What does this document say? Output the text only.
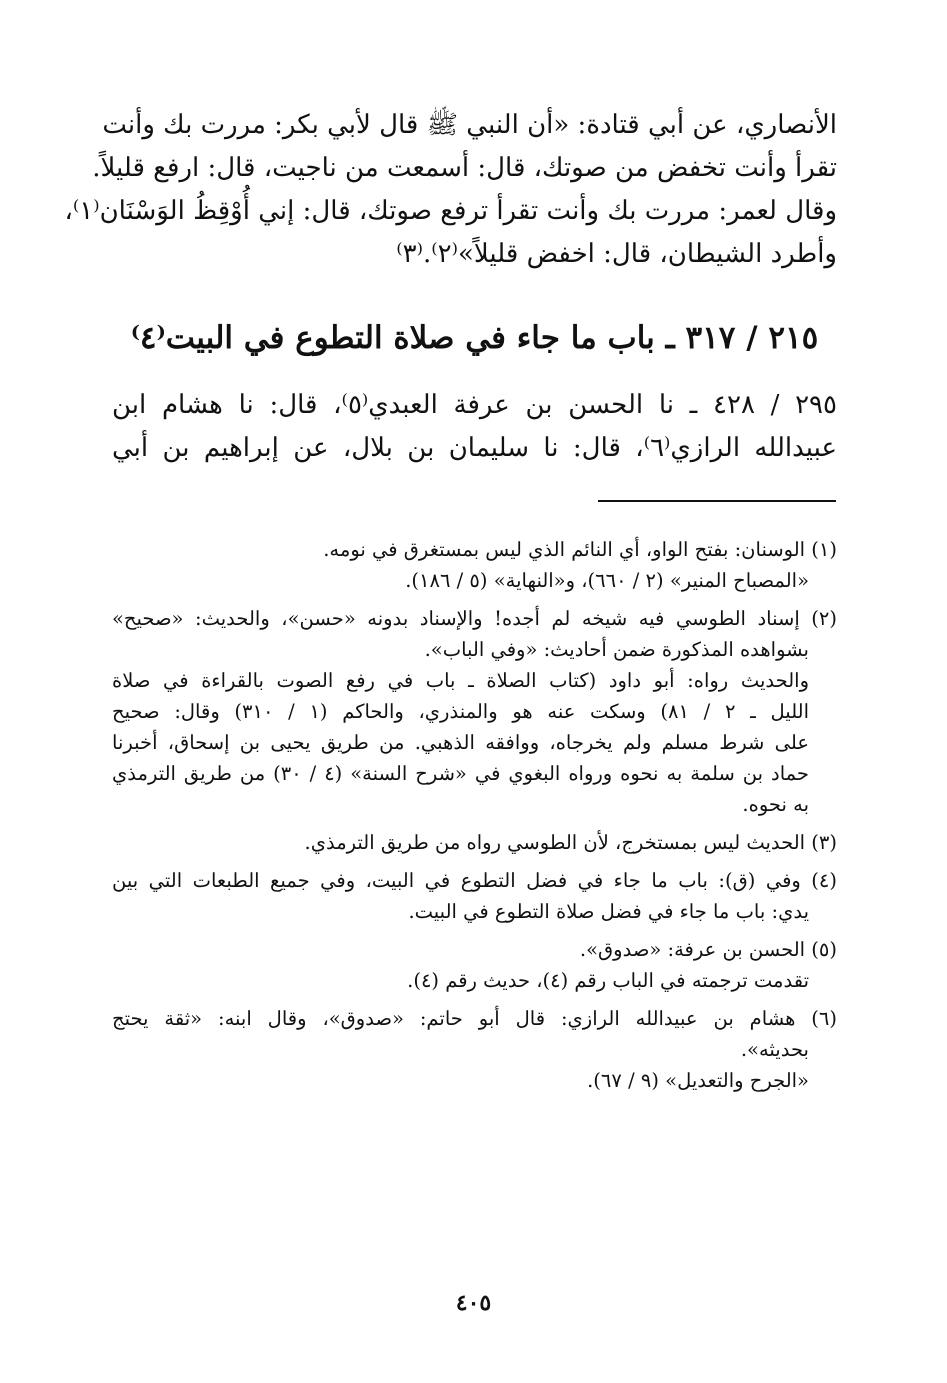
الأنصاري، عن أبي قتادة: «أن النبي ﷺ قال لأبي بكر: مررت بك وأنت
تقرأ وأنت تخفض من صوتك، قال: أسمعت من ناجيت، قال: ارفع قليلاً.
وقال لعمر: مررت بك وأنت تقرأ ترفع صوتك، قال: إني أُوْقِظُ الوَسْنَان⁽١⁾،
وأطرد الشيطان، قال: اخفض قليلاً»⁽٢⁾.⁽٣⁾
٢١٥ / ٣١٧ ـ باب ما جاء في صلاة التطوع في البيت⁽٤⁾
٢٩٥ / ٤٢٨ ـ نا الحسن بن عرفة العبدي⁽٥⁾، قال: نا هشام ابن
عبيدالله الرازي⁽٦⁾، قال: نا سليمان بن بلال، عن إبراهيم بن أبي
(١) الوسنان: بفتح الواو، أي النائم الذي ليس بمستغرق في نومه.
«المصباح المنير» (٢ / ٦٦٠)، و«النهاية» (٥ / ١٨٦).
(٢) إسناد الطوسي فيه شيخه لم أجده! والإسناد بدونه «حسن»، والحديث: «صحيح»
بشواهده المذكورة ضمن أحاديث: «وفي الباب».
والحديث رواه: أبو داود (كتاب الصلاة ـ باب في رفع الصوت بالقراءة في صلاة
الليل ـ ٢ / ٨١) وسكت عنه هو والمنذري، والحاكم (١ / ٣١٠) وقال: صحيح
على شرط مسلم ولم يخرجاه، ووافقه الذهبي. من طريق يحيى بن إسحاق، أخبرنا
حماد بن سلمة به نحوه ورواه البغوي في «شرح السنة» (٤ / ٣٠) من طريق الترمذي
به نحوه.
(٣) الحديث ليس بمستخرج، لأن الطوسي رواه من طريق الترمذي.
(٤) وفي (ق): باب ما جاء في فضل التطوع في البيت، وفي جميع الطبعات التي بين
يدي: باب ما جاء في فضل صلاة التطوع في البيت.
(٥) الحسن بن عرفة: «صدوق».
تقدمت ترجمته في الباب رقم (٤)، حديث رقم (٤).
(٦) هشام بن عبيدالله الرازي: قال أبو حاتم: «صدوق»، وقال ابنه: «ثقة يحتج
بحديثه».
«الجرح والتعديل» (٩ / ٦٧).
٤٠٥
